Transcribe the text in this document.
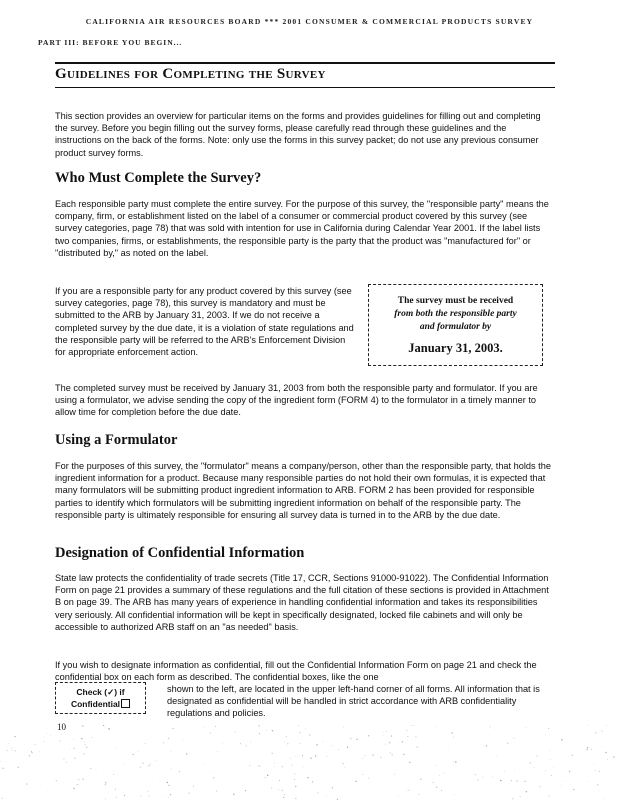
CALIFORNIA AIR RESOURCES BOARD *** 2001 CONSUMER & COMMERCIAL PRODUCTS SURVEY
PART III: BEFORE YOU BEGIN...
Guidelines for Completing the Survey
This section provides an overview for particular items on the forms and provides guidelines for filling out and completing the survey. Before you begin filling out the survey forms, please carefully read through these guidelines and the instructions on the back of the forms. Note: only use the forms in this survey packet; do not use any previous consumer product survey forms.
Who Must Complete the Survey?
Each responsible party must complete the entire survey. For the purpose of this survey, the "responsible party" means the company, firm, or establishment listed on the label of a consumer or commercial product covered by this survey (see survey categories, page 78) that was sold with intention for use in California during Calendar Year 2001. If the label lists two companies, firms, or establishments, the responsible party is the party that the product was "manufactured for" or "distributed by," as noted on the label.
If you are a responsible party for any product covered by this survey (see survey categories, page 78), this survey is mandatory and must be submitted to the ARB by January 31, 2003. If we do not receive a completed survey by the due date, it is a violation of state regulations and the responsible party will be referred to the ARB's Enforcement Division for appropriate enforcement action.
The survey must be received
from both the responsible party
and formulator by
January 31, 2003.
The completed survey must be received by January 31, 2003 from both the responsible party and formulator. If you are using a formulator, we advise sending the copy of the ingredient form (FORM 4) to the formulator in a timely manner to allow time for completion before the due date.
Using a Formulator
For the purposes of this survey, the "formulator" means a company/person, other than the responsible party, that holds the ingredient information for a product. Because many responsible parties do not hold their own formulas, it is expected that many formulators will be submitting product ingredient information to ARB. FORM 2 has been provided for responsible parties to identify which formulators will be submitting ingredient information on behalf of the responsible party. The responsible party is ultimately responsible for ensuring all survey data is turned in to the ARB by the due date.
Designation of Confidential Information
State law protects the confidentiality of trade secrets (Title 17, CCR, Sections 91000-91022). The Confidential Information Form on page 21 provides a summary of these regulations and the full citation of these sections is provided in Attachment B on page 39. The ARB has many years of experience in handling confidential information and takes its responsibilities very seriously. All confidential information will be kept in specifically designated, locked file cabinets and will only be accessible to authorized ARB staff on an "as needed" basis.
If you wish to designate information as confidential, fill out the Confidential Information Form on page 21 and check the confidential box on each form as described. The confidential boxes, like the one
Check (✓) if
Confidential
shown to the left, are located in the upper left-hand corner of all forms. All information that is designated as confidential will be handled in strict accordance with ARB confidentiality regulations and policies.
10
